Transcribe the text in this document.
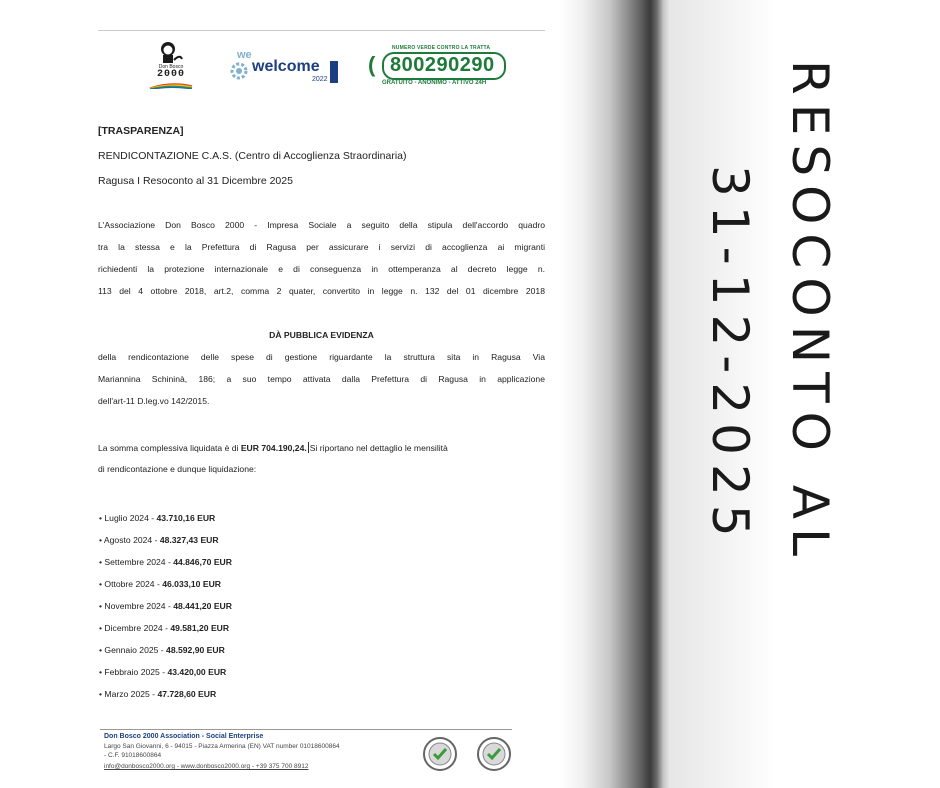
Don Bosco
2000
we
welcome
2022
NUMERO VERDE CONTRO LA TRATTA
( 800290290
GRATUITO - ANONIMO - ATTIVO 24H
[TRASPARENZA]
RENDICONTAZIONE C.A.S. (Centro di Accoglienza Straordinaria)
Ragusa I Resoconto al 31 Dicembre 2025
L'Associazione Don Bosco 2000 - Impresa Sociale a seguito della stipula dell'accordo quadro
tra la stessa e la Prefettura di Ragusa per assicurare i servizi di accoglienza ai migranti
richiedenti la protezione internazionale e di conseguenza in ottemperanza al decreto legge n.
113 del 4 ottobre 2018, art.2, comma 2 quater, convertito in legge n. 132 del 01 dicembre 2018
DÀ PUBBLICA EVIDENZA
della rendicontazione delle spese di gestione riguardante la struttura sita in Ragusa Via
Mariannina Schininà, 186; a suo tempo attivata dalla Prefettura di Ragusa in applicazione
dell'art-11 D.leg.vo 142/2015.
La somma complessiva liquidata è di EUR 704.190,24. Si riportano nel dettaglio le mensilità
di rendicontazione e dunque liquidazione:
• Luglio 2024 - 43.710,16 EUR
• Agosto 2024 - 48.327,43 EUR
• Settembre 2024 - 44.846,70 EUR
• Ottobre 2024 - 46.033,10 EUR
• Novembre 2024 - 48.441,20 EUR
• Dicembre 2024 - 49.581,20 EUR
• Gennaio 2025 - 48.592,90 EUR
• Febbraio 2025 - 43.420,00 EUR
• Marzo 2025 - 47.728,60 EUR
Don Bosco 2000 Association - Social Enterprise
Largo San Giovanni, 6 - 94015 - Piazza Armerina (EN) VAT number 01018600864
- C.F. 91018600864
info@donbosco2000.org - www.donbosco2000.org - +39 375 700 8912
RESOCONTO AL
31-12-2025
